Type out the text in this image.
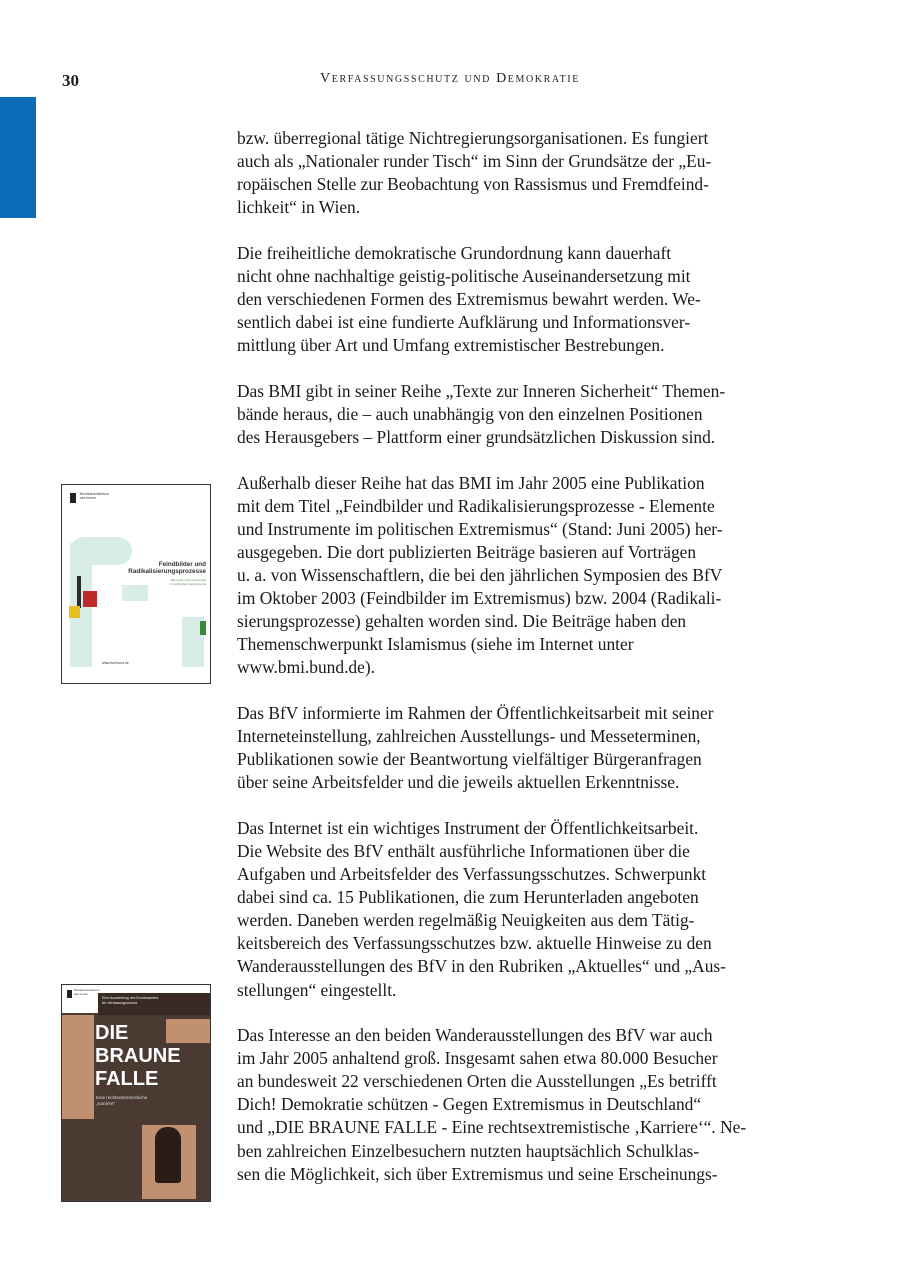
30	Verfassungsschutz und Demokratie

bzw. überregional tätige Nichtregierungsorganisationen. Es fungiert
auch als „Nationaler runder Tisch“ im Sinn der Grundsätze der „Eu-
ropäischen Stelle zur Beobachtung von Rassismus und Fremdfeind-
lichkeit“ in Wien.

Die freiheitliche demokratische Grundordnung kann dauerhaft
nicht ohne nachhaltige geistig-politische Auseinandersetzung mit
den verschiedenen Formen des Extremismus bewahrt werden. We-
sentlich dabei ist eine fundierte Aufklärung und Informationsver-
mittlung über Art und Umfang extremistischer Bestrebungen.

Das BMI gibt in seiner Reihe „Texte zur Inneren Sicherheit“ Themen-
bände heraus, die – auch unabhängig von den einzelnen Positionen
des Herausgebers – Plattform einer grundsätzlichen Diskussion sind.

Außerhalb dieser Reihe hat das BMI im Jahr 2005 eine Publikation
mit dem Titel „Feindbilder und Radikalisierungsprozesse - Elemente
und Instrumente im politischen Extremismus“ (Stand: Juni 2005) her-
ausgegeben. Die dort publizierten Beiträge basieren auf Vorträgen
u. a. von Wissenschaftlern, die bei den jährlichen Symposien des BfV
im Oktober 2003 (Feindbilder im Extremismus) bzw. 2004 (Radikali-
sierungsprozesse) gehalten worden sind. Die Beiträge haben den
Themenschwerpunkt Islamismus (siehe im Internet unter
www.bmi.bund.de).

Das BfV informierte im Rahmen der Öffentlichkeitsarbeit mit seiner
Interneteinstellung, zahlreichen Ausstellungs- und Messeterminen,
Publikationen sowie der Beantwortung vielfältiger Bürgeranfragen
über seine Arbeitsfelder und die jeweils aktuellen Erkenntnisse.

Das Internet ist ein wichtiges Instrument der Öffentlichkeitsarbeit.
Die Website des BfV enthält ausführliche Informationen über die
Aufgaben und Arbeitsfelder des Verfassungsschutzes. Schwerpunkt
dabei sind ca. 15 Publikationen, die zum Herunterladen angeboten
werden. Daneben werden regelmäßig Neuigkeiten aus dem Tätig-
keitsbereich des Verfassungsschutzes bzw. aktuelle Hinweise zu den
Wanderausstellungen des BfV in den Rubriken „Aktuelles“ und „Aus-
stellungen“ eingestellt.

Das Interesse an den beiden Wanderausstellungen des BfV war auch
im Jahr 2005 anhaltend groß. Insgesamt sahen etwa 80.000 Besucher
an bundesweit 22 verschiedenen Orten die Ausstellungen „Es betrifft
Dich! Demokratie schützen - Gegen Extremismus in Deutschland“
und „DIE BRAUNE FALLE - Eine rechtsextremistische ‚Karriere‘“. Ne-
ben zahlreichen Einzelbesuchern nutzten hauptsächlich Schulklas-
sen die Möglichkeit, sich über Extremismus und seine Erscheinungs-

Bundesministerium
des Innern
Feindbilder und
Radikalisierungsprozesse
Elemente und Instrumente
im politischen Extremismus
www.bmi.bund.de
Bundesministerium
des Innern
Eine Ausstellung des Bundesamtes
für Verfassungsschutz
DIE
BRAUNE
FALLE
Eine rechtsextremistische
„Karriere“
